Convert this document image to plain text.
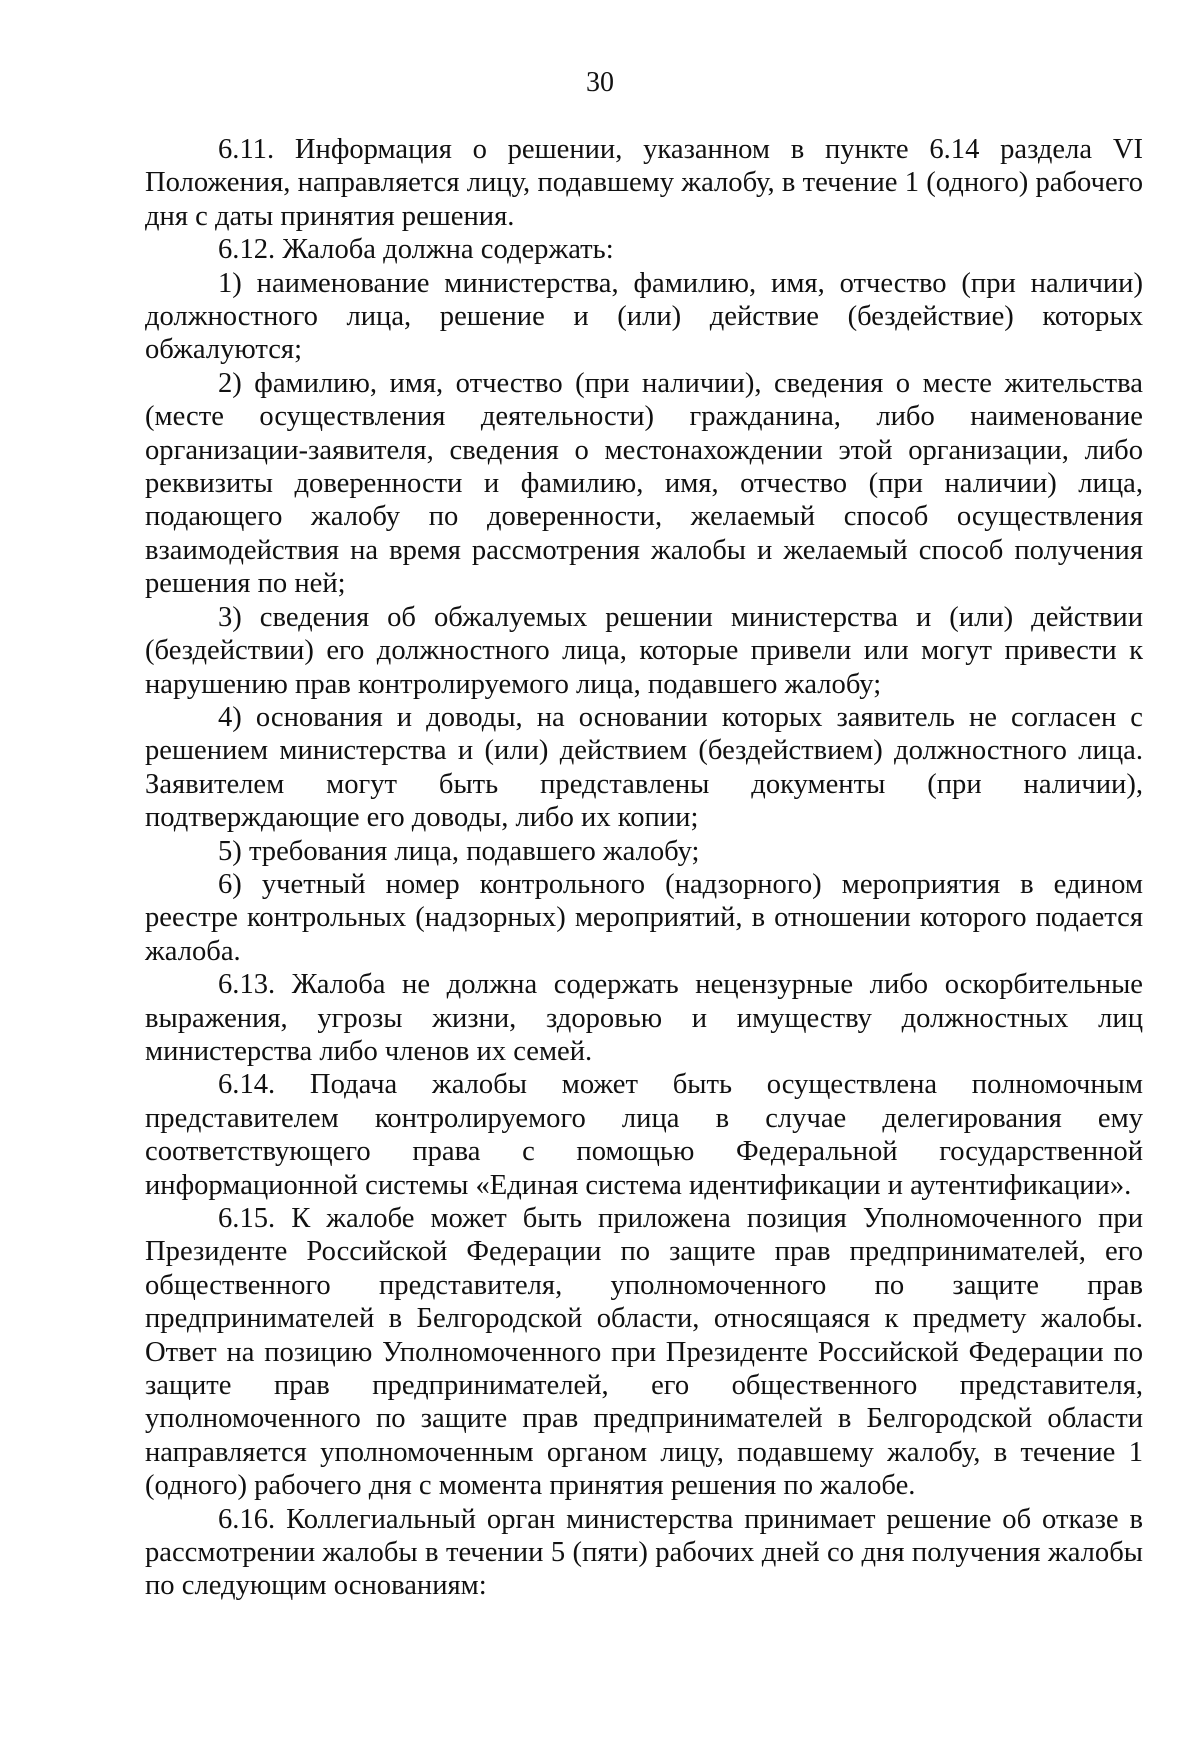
30

6.11. Информация о решении, указанном в пункте 6.14 раздела VI Положения, направляется лицу, подавшему жалобу, в течение 1 (одного) рабочего дня с даты принятия решения.

6.12. Жалоба должна содержать:

1) наименование министерства, фамилию, имя, отчество (при наличии) должностного лица, решение и (или) действие (бездействие) которых обжалуются;

2) фамилию, имя, отчество (при наличии), сведения о месте жительства (месте осуществления деятельности) гражданина, либо наименование организации-заявителя, сведения о местонахождении этой организации, либо реквизиты доверенности и фамилию, имя, отчество (при наличии) лица, подающего жалобу по доверенности, желаемый способ осуществления взаимодействия на время рассмотрения жалобы и желаемый способ получения решения по ней;

3) сведения об обжалуемых решении министерства и (или) действии (бездействии) его должностного лица, которые привели или могут привести к нарушению прав контролируемого лица, подавшего жалобу;

4) основания и доводы, на основании которых заявитель не согласен с решением министерства и (или) действием (бездействием) должностного лица. Заявителем могут быть представлены документы (при наличии), подтверждающие его доводы, либо их копии;

5) требования лица, подавшего жалобу;

6) учетный номер контрольного (надзорного) мероприятия в едином реестре контрольных (надзорных) мероприятий, в отношении которого подается жалоба.

6.13. Жалоба не должна содержать нецензурные либо оскорбительные выражения, угрозы жизни, здоровью и имуществу должностных лиц министерства либо членов их семей.

6.14. Подача жалобы может быть осуществлена полномочным представителем контролируемого лица в случае делегирования ему соответствующего права с помощью Федеральной государственной информационной системы «Единая система идентификации и аутентификации».

6.15. К жалобе может быть приложена позиция Уполномоченного при Президенте Российской Федерации по защите прав предпринимателей, его общественного представителя, уполномоченного по защите прав предпринимателей в Белгородской области, относящаяся к предмету жалобы. Ответ на позицию Уполномоченного при Президенте Российской Федерации по защите прав предпринимателей, его общественного представителя, уполномоченного по защите прав предпринимателей в Белгородской области направляется уполномоченным органом лицу, подавшему жалобу, в течение 1 (одного) рабочего дня с момента принятия решения по жалобе.

6.16. Коллегиальный орган министерства принимает решение об отказе в рассмотрении жалобы в течении 5 (пяти) рабочих дней со дня получения жалобы по следующим основаниям:
